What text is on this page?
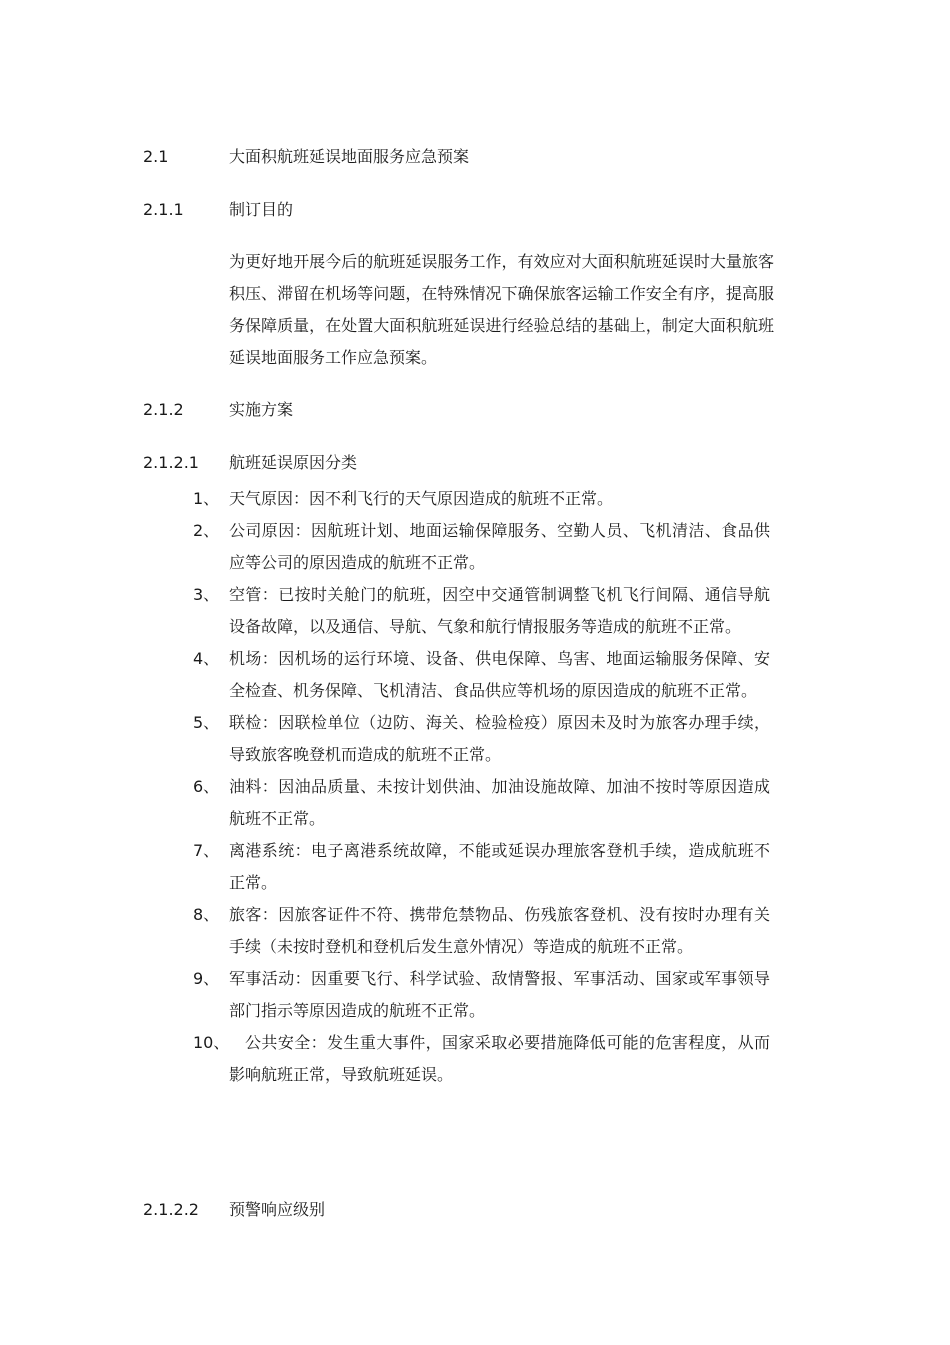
2.1	大面积航班延误地面服务应急预案
2.1.1	制订目的

为更好地开展今后的航班延误服务工作，有效应对大面积航班延误时大量旅客积压、滞留在机场等问题，在特殊情况下确保旅客运输工作安全有序，提高服务保障质量，在处置大面积航班延误进行经验总结的基础上，制定大面积航班延误地面服务工作应急预案。

2.1.2	实施方案
2.1.2.1 航班延误原因分类
1、 天气原因：因不利飞行的天气原因造成的航班不正常。
2、 公司原因：因航班计划、地面运输保障服务、空勤人员、飞机清洁、食品供应等公司的原因造成的航班不正常。
3、 空管：已按时关舱门的航班，因空中交通管制调整飞机飞行间隔、通信导航设备故障，以及通信、导航、气象和航行情报服务等造成的航班不正常。
4、 机场：因机场的运行环境、设备、供电保障、鸟害、地面运输服务保障、安全检查、机务保障、飞机清洁、食品供应等机场的原因造成的航班不正常。
5、 联检：因联检单位（边防、海关、检验检疫）原因未及时为旅客办理手续，导致旅客晚登机而造成的航班不正常。
6、 油料：因油品质量、未按计划供油、加油设施故障、加油不按时等原因造成航班不正常。
7、 离港系统：电子离港系统故障，不能或延误办理旅客登机手续，造成航班不正常。
8、 旅客：因旅客证件不符、携带危禁物品、伤残旅客登机、没有按时办理有关手续（未按时登机和登机后发生意外情况）等造成的航班不正常。
9、 军事活动：因重要飞行、科学试验、敌情警报、军事活动、国家或军事领导部门指示等原因造成的航班不正常。
10、 公共安全：发生重大事件，国家采取必要措施降低可能的危害程度，从而影响航班正常，导致航班延误。
2.1.2.2 预警响应级别
